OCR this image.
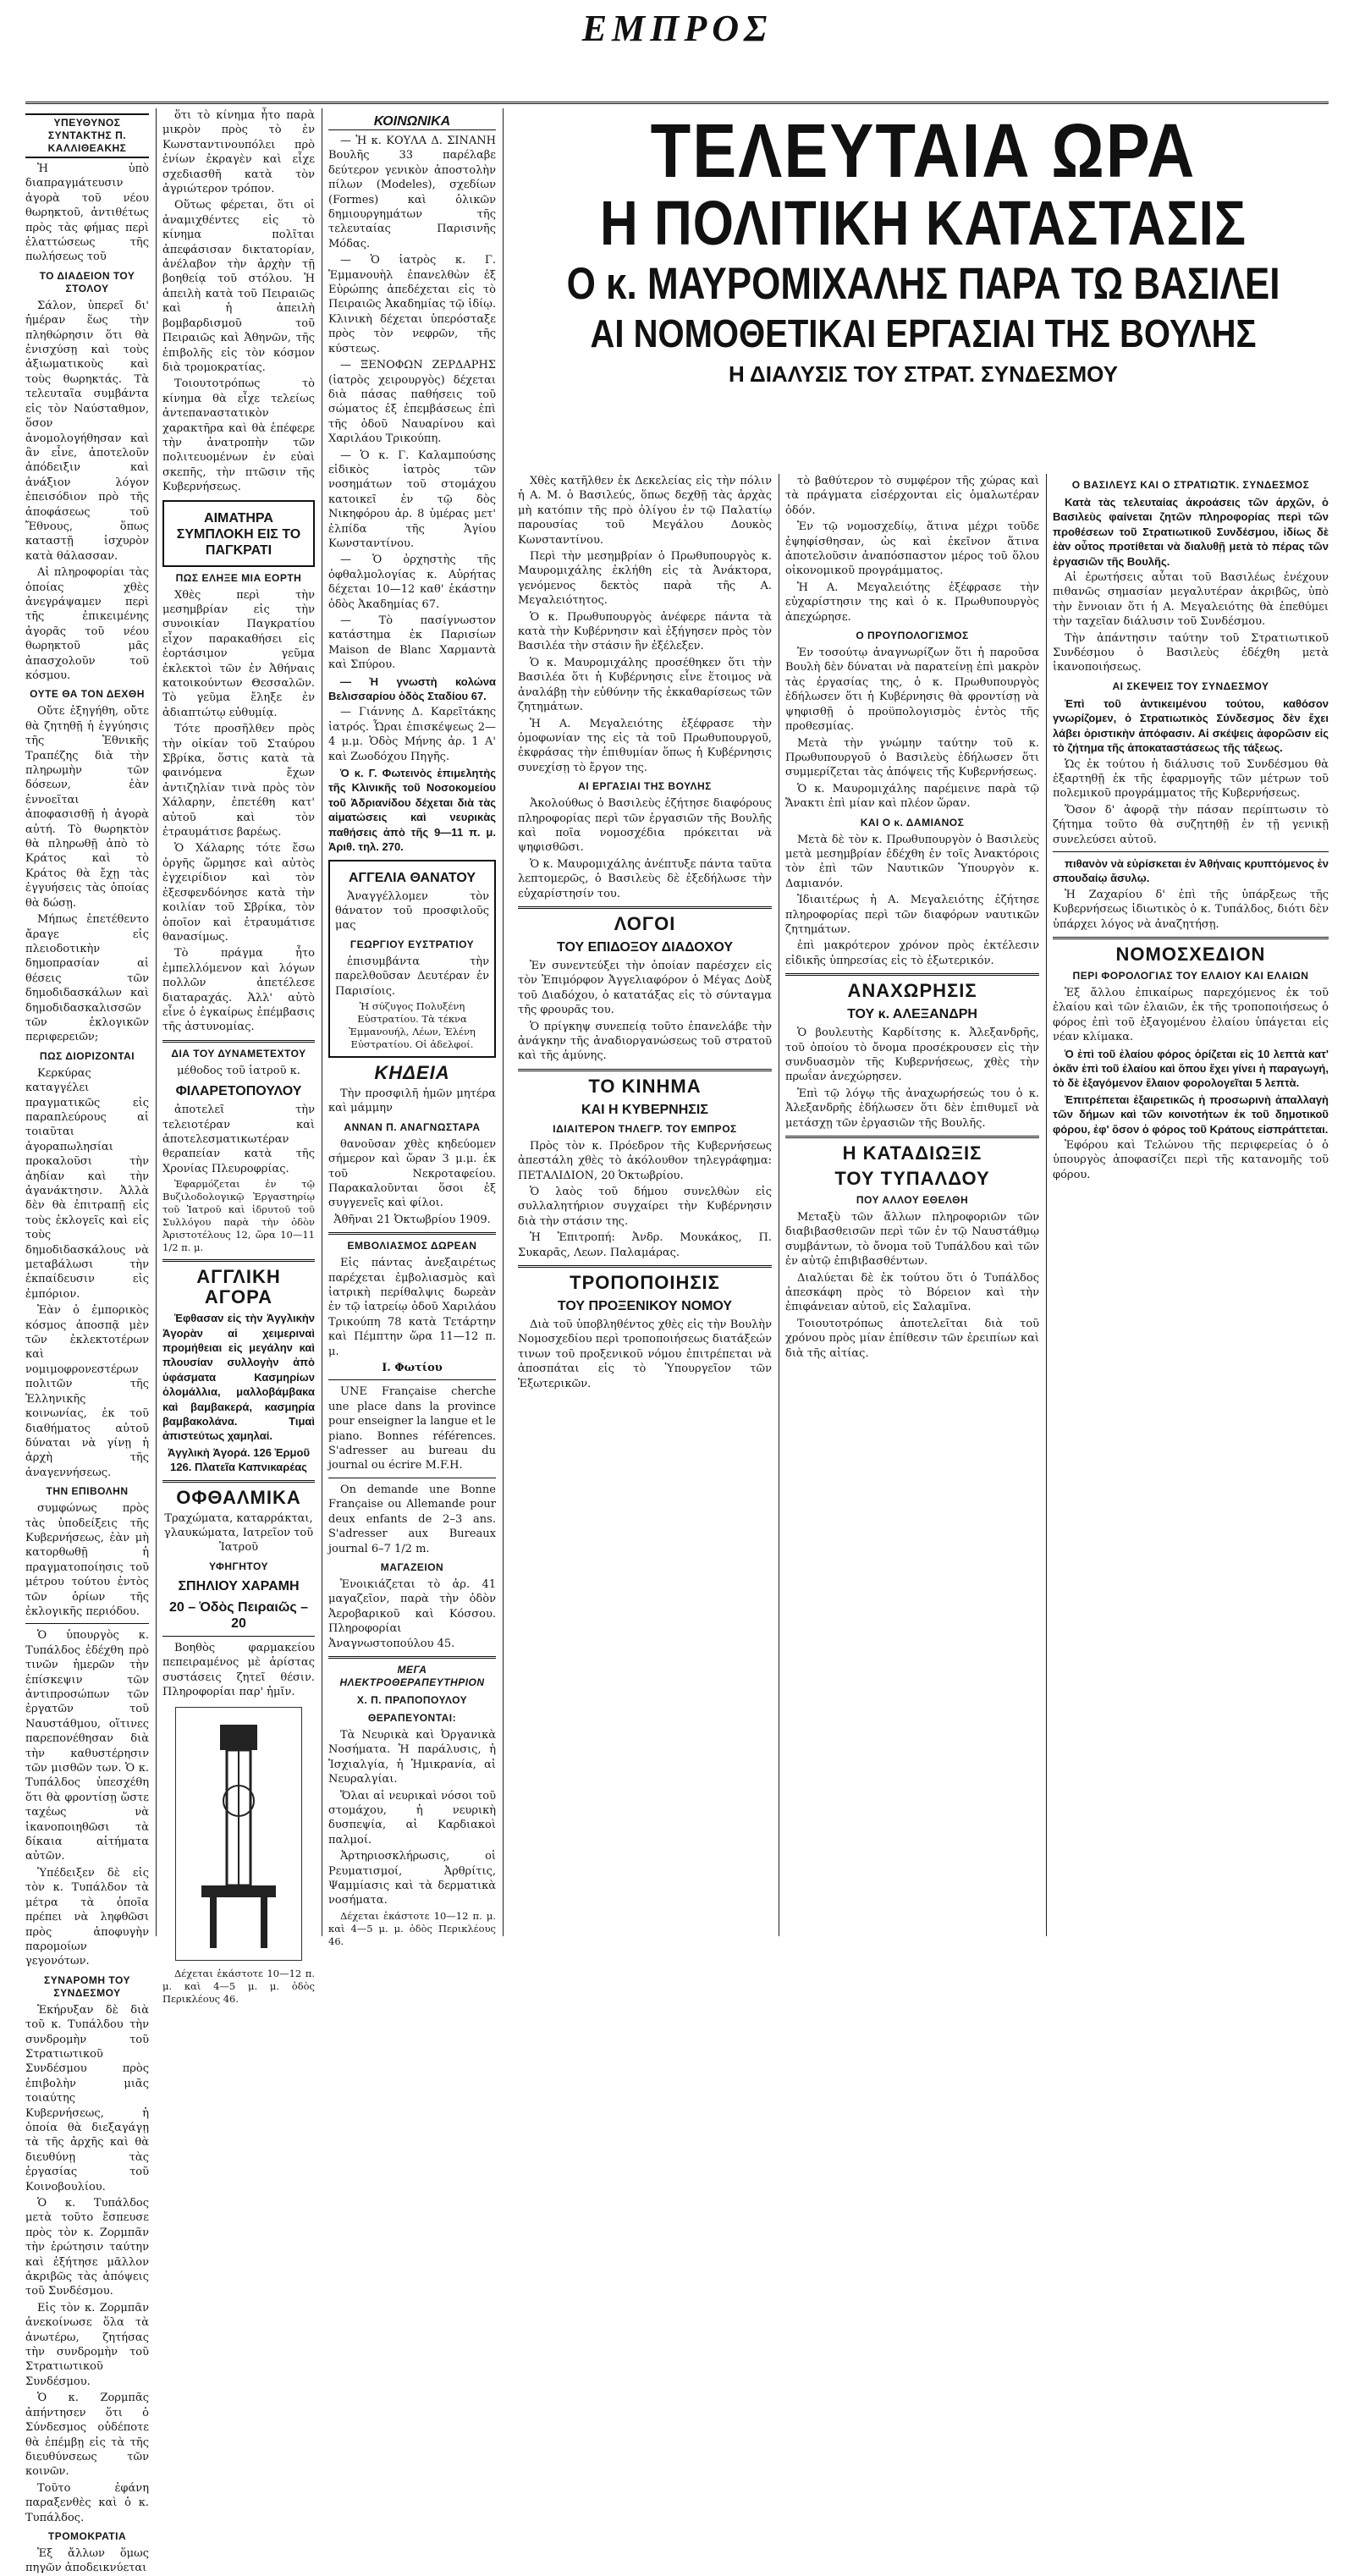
ΕΜΠΡΟΣ
ΥΠΕΥΘΥΝΟΣ ΣΥΝΤΑΚΤΗΣ Π. ΚΑΛΛΙΘΕΑΚΗΣ

Ἡ ὑπὸ διαπραγμάτευσιν ἀγορὰ τοῦ νέου θωρηκτοῦ, ἀντιθέτως πρὸς τὰς φήμας περὶ ἐλαττώσεως τῆς πωλήσεως τοῦ

ΤΟ ΔΙΑΔΕΙΟΝ ΤΟΥ ΣΤΟΛΟΥ

Σάλον, ὑπερεῖ δι' ἡμέραν ἕως τὴν πληθώρησιν ὅτι θὰ ἐνισχύσῃ καὶ τοὺς ἀξιωματικοὺς καὶ τοὺς θωρηκτάς. Τὰ τελευταῖα συμβάντα εἰς τὸν Ναύσταθμον, ὅσον ἀνομολογήθησαν καὶ ἂν εἶνε, ἀποτελοῦν ἀπόδειξιν καὶ ἀνάξιον λόγον ἐπεισόδιον πρὸ τῆς ἀποφάσεως τοῦ Ἔθνους, ὅπως καταστῇ ἰσχυρὸν κατὰ θάλασσαν.

Αἱ πληροφορίαι τὰς ὁποίας χθὲς ἀνεγράψαμεν περὶ τῆς ἐπικειμένης ἀγορᾶς τοῦ νέου θωρηκτοῦ μᾶς ἀπασχολοῦν τοῦ κόσμου.

ΟΥΤΕ ΘΑ ΤΟΝ ΔΕΧΘΗ

Οὔτε ἐξηγήθη, οὔτε θὰ ζητηθῇ ἡ ἐγγύησις τῆς Ἐθνικῆς Τραπέζης διὰ τὴν πληρωμὴν τῶν δόσεων, ἐὰν ἐννοεῖται ἀποφασισθῇ ἡ ἀγορὰ αὐτή. Τὸ θωρηκτὸν θὰ πληρωθῇ ἀπὸ τὸ Κράτος καὶ τὸ Κράτος θὰ ἔχῃ τὰς ἐγγυήσεις τὰς ὁποίας θὰ δώσῃ.

Μήπως ἐπετέθεντο ἄραγε εἰς πλειοδοτικὴν δημοπρασίαν αἱ θέσεις τῶν δημοδιδασκάλων καὶ δημοδιδασκαλισσῶν τῶν ἐκλογικῶν περιφερειῶν;

ΠΩΣ ΔΙΟΡΙΖΟΝΤΑΙ

Κερκύρας καταγγέλει πραγματικῶς εἰς παραπλεύρους αἱ τοιαῦται ἀγοραπωλησίαι προκαλοῦσι τὴν ἀηδίαν καὶ τὴν ἀγανάκτησιν. Ἀλλὰ δὲν θὰ ἐπιτραπῇ εἰς τοὺς ἐκλογεῖς καὶ εἰς τοὺς δημοδιδασκάλους νὰ μεταβάλωσι τὴν ἐκπαίδευσιν εἰς ἐμπόριον.

Ἐὰν ὁ ἐμπορικὸς κόσμος ἀποσπᾷ μὲν τῶν ἐκλεκτοτέρων καὶ νομιμοφρονεστέρων πολιτῶν τῆς Ἑλληνικῆς κοινωνίας, ἐκ τοῦ διαθήματος αὐτοῦ δύναται νὰ γίνῃ ἡ ἀρχὴ τῆς ἀναγεννήσεως.

ΤΗΝ ΕΠΙΒΟΛΗΝ

συμφώνως πρὸς τὰς ὑποδείξεις τῆς Κυβερνήσεως, ἐὰν μὴ κατορθωθῇ ἡ πραγματοποίησις τοῦ μέτρου τούτου ἐντὸς τῶν ὁρίων τῆς ἐκλογικῆς περιόδου.

Ὁ ὑπουργὸς κ. Τυπάλδος ἐδέχθη πρὸ τινῶν ἡμερῶν τὴν ἐπίσκεψιν τῶν ἀντιπροσώπων τῶν ἐργατῶν τοῦ Ναυστάθμου, οἵτινες παρεπονέθησαν διὰ τὴν καθυστέρησιν τῶν μισθῶν των. Ὁ κ. Τυπάλδος ὑπεσχέθη ὅτι θὰ φροντίσῃ ὥστε ταχέως νὰ ἱκανοποιηθῶσι τὰ δίκαια αἰτήματα αὐτῶν.

Ὑπέδειξεν δὲ εἰς τὸν κ. Τυπάλδον τὰ μέτρα τὰ ὁποῖα πρέπει νὰ ληφθῶσι πρὸς ἀποφυγὴν παρομοίων γεγονότων.

ΣΥΝΑΡΟΜΗ ΤΟΥ ΣΥΝΔΕΣΜΟΥ

Ἐκήρυξαν δὲ διὰ τοῦ κ. Τυπάλδου τὴν συνδρομὴν τοῦ Στρατιωτικοῦ Συνδέσμου πρὸς ἐπιβολὴν μιᾶς τοιαύτης Κυβερνήσεως, ἡ ὁποία θὰ διεξαγάγῃ τὰ τῆς ἀρχῆς καὶ θὰ διευθύνῃ τὰς ἐργασίας τοῦ Κοινοβουλίου.

Ὁ κ. Τυπάλδος μετὰ τοῦτο ἔσπευσε πρὸς τὸν κ. Ζορμπᾶν τὴν ἐρώτησιν ταύτην καὶ ἐξήτησε μᾶλλον ἀκριβῶς τὰς ἀπόψεις τοῦ Συνδέσμου.

Εἰς τὸν κ. Ζορμπᾶν ἀνεκοίνωσε ὅλα τὰ ἀνωτέρω, ζητήσας τὴν συνδρομὴν τοῦ Στρατιωτικοῦ Συνδέσμου.

Ὁ κ. Ζορμπᾶς ἀπήντησεν ὅτι ὁ Σύνδεσμος οὐδέποτε θὰ ἐπέμβῃ εἰς τὰ τῆς διευθύνσεως τῶν κοινῶν.

Τοῦτο ἐφάνη παραξενθὲς καὶ ὁ κ. Τυπάλδος.

ΤΡΟΜΟΚΡΑΤΙΑ

Ἐξ ἄλλων ὅμως πηγῶν ἀποδεικνύεται

ὅτι τὸ κίνημα ἦτο παρὰ μικρὸν πρὸς τὸ ἐν Κωνσταντινουπόλει πρὸ ἐνίων ἐκραγὲν καὶ εἶχε σχεδιασθῆ κατὰ τὸν ἀγριώτερον τρόπον.

Οὕτως φέρεται, ὅτι οἱ ἀναμιχθέντες εἰς τὸ κίνημα πολῖται ἀπεφάσισαν δικτατορίαν, ἀνέλαβον τὴν ἀρχὴν τῇ βοηθείᾳ τοῦ στόλου. Ἡ ἀπειλὴ κατὰ τοῦ Πειραιῶς καὶ ἡ ἀπειλὴ βομβαρδισμοῦ τοῦ Πειραιῶς καὶ Ἀθηνῶν, τῆς ἐπιβολῆς εἰς τὸν κόσμον διὰ τρομοκρατίας.

Τοιουτοτρόπως τὸ κίνημα θὰ εἶχε τελείως ἀντεπαναστατικὸν χαρακτῆρα καὶ θὰ ἐπέφερε τὴν ἀνατροπὴν τῶν πολιτευομένων ἐν εὐαὶ σκεπῆς, τὴν πτῶσιν τῆς Κυβερνήσεως.

ΑΙΜΑΤΗΡΑ ΣΥΜΠΛΟΚΗ ΕΙΣ ΤΟ ΠΑΓΚΡΑΤΙ
ΠΩΣ ΕΛΗΞΕ ΜΙΑ ΕΟΡΤΗ

Χθὲς περὶ τὴν μεσημβρίαν εἰς τὴν συνοικίαν Παγκρατίου εἶχον παρακαθήσει εἰς ἐορτάσιμον γεῦμα ἐκλεκτοὶ τῶν ἐν Ἀθήναις κατοικούντων Θεσσαλῶν. Τὸ γεῦμα ἔληξε ἐν ἀδιαπτώτῳ εὐθυμίᾳ.

Τότε προσῆλθεν πρὸς τὴν οἰκίαν τοῦ Σταύρου Σβρίκα, ὅστις κατὰ τὰ φαινόμενα ἔχων ἀντιζηλίαν τινὰ πρὸς τὸν Χάλαρην, ἐπετέθη κατ' αὐτοῦ καὶ τὸν ἐτραυμάτισε βαρέως.

Ὁ Χάλαρης τότε ἔσω ὀργῆς ὥρμησε καὶ αὐτὸς ἐγχειρίδιον καὶ τὸν ἐξεσφενδόνησε κατὰ τὴν κοιλίαν τοῦ Σβρίκα, τὸν ὁποῖον καὶ ἐτραυμάτισε θανασίμως.

Τὸ πράγμα ἦτο ἐμπελλόμενον καὶ λόγων πολλῶν ἀπετέλεσε διαταραχάς. Ἀλλ' αὐτὸ εἶνε ὁ ἐγκαίρως ἐπέμβασις τῆς ἀστυνομίας.

ΔΙΑ ΤΟΥ ΔΥΝΑΜΕΤΕΧΤΟΥ

μέθοδος τοῦ ἰατροῦ κ.

ΦΙΛΑΡΕΤΟΠΟΥΛΟΥ

ἀποτελεῖ τὴν τελειοτέραν καὶ ἀποτελεσματικωτέραν θεραπείαν κατὰ τῆς Χρονίας Πλευροφρίας.

Ἐφαρμόζεται ἐν τῷ Βυζιλοδολογικῷ Ἐργαστηρίῳ τοῦ Ἰατροῦ καὶ ἰδρυτοῦ τοῦ Συλλόγου παρὰ τὴν ὁδὸν Ἀριστοτέλους 12, ὥρα 10—11 1/2 π. μ.

ΑΓΓΛΙΚΗ ΑΓΟΡΑ

Ἐφθασαν εἰς τὴν Ἀγγλικὴν Ἀγορὰν αἱ χειμεριναὶ προμήθειαι εἰς μεγάλην καὶ πλουσίαν συλλογὴν ἀπὸ ὑφάσματα Κασμηρίων ὁλομάλλια, μαλλοβάμβακα καὶ βαμβακερά, κασμηρία βαμβακολάνα. Τιμαὶ ἀπιστεύτως χαμηλαί.

Ἀγγλικὴ Ἀγορά. 126 Ἑρμοῦ 126. Πλατεῖα Καπνικαρέας

ΟΦΘΑΛΜΙΚΑ

Τραχώματα, καταρράκται, γλαυκώματα, Ιατρεῖον τοῦ Ἰατροῦ

ΥΦΗΓΗΤΟΥ
ΣΠΗΛΙΟΥ ΧΑΡΑΜΗ
20 – Ὁδὸς Πειραιῶς – 20

Βοηθὸς φαρμακείου πεπειραμένος μὲ ἀρίστας συστάσεις ζητεῖ θέσιν. Πληροφορίαι παρ' ἡμῖν.

Δέχεται ἑκάστοτε 10—12 π. μ. καὶ 4—5 μ. μ. ὁδὸς Περικλέους 46.

ΚΟΙΝΩΝΙΚΑ

— Ἡ κ. ΚΟΥΛΑ Δ. ΣΙΝΑΝΗ Βουλῆς 33 παρέλαβε δεύτερον γενικὸν ἀποστολὴν πίλων (Modeles), σχεδίων (Formes) καὶ ὁλικῶν δημιουργημάτων τῆς τελευταίας Παρισινῆς Μόδας.

— Ὁ ἰατρὸς κ. Γ. Ἐμμανουὴλ ἐπανελθὼν ἐξ Εὐρώπης ἀπεδέχεται εἰς τὸ Πειραιῶς Ἀκαδημίας τῷ ἰδίῳ. Κλινικὴ δέχεται ὑπερόσταξε πρὸς τὸν νεφρῶν, τῆς κύστεως.

— ΞΕΝΟΦΩΝ ΖΕΡΔΑΡΗΣ (ἰατρὸς χειρουργὸς) δέχεται διὰ πάσας παθήσεις τοῦ σώματος ἐξ ἐπεμβάσεως ἐπὶ τῆς ὁδοῦ Ναυαρίνου καὶ Χαριλάου Τρικούπη.

— Ὁ κ. Γ. Καλαμπούσης εἰδικὸς ἰατρὸς τῶν νοσημάτων τοῦ στομάχου κατοικεῖ ἐν τῷ δὸς Νικηφόρου ἀρ. 8 ὑμέρας μετ' ἐλπίδα τῆς Ἁγίου Κωνσταντίνου.

— Ὁ ὀρχηστὴς τῆς ὀφθαλμολογίας κ. Αὐρήτας δέχεται 10—12 καθ' ἑκάστην ὁδὸς Ἀκαδημίας 67.

— Τὸ πασίγνωστον κατάστημα ἐκ Παρισίων Maison de Blanc Χαρμαντὰ καὶ Σπύρου.

— Ἡ γνωστὴ κολώνα Βελισσαρίου ὁδὸς Σταδίου 67.

— Γιάννης Δ. Καρεῖτάκης ἰατρός. Ὧραι ἐπισκέψεως 2—4 μ.μ. Ὁδὸς Μήνης ἀρ. 1 Α' καὶ Ζωοδόχου Πηγῆς.

Ὁ κ. Γ. Φωτεινὸς ἐπιμελητὴς τῆς Κλινικῆς τοῦ Νοσοκομείου τοῦ Ἀδριανίδου δέχεται διὰ τὰς αἱματώσεις καὶ νευρικὰς παθήσεις ἀπὸ τῆς 9—11 π. μ. Ἀριθ. τηλ. 270.

ΑΓΓΕΛΙΑ ΘΑΝΑΤΟΥ

Ἀναγγέλλομεν τὸν θάνατον τοῦ προσφιλοῦς μας

ΓΕΩΡΓΙΟΥ ΕΥΣΤΡΑΤΙΟΥ

ἐπισυμβάντα τὴν παρελθοῦσαν Δευτέραν ἐν Παρισίοις.

Ἡ σύζυγος Πολυξένη Εὐστρατίου. Τὰ τέκνα Ἐμμανουήλ, Λέων, Ἑλένη Εὐστρατίου. Οἱ ἀδελφοί.

ΚΗΔΕΙΑ

Τὴν προσφιλῆ ἡμῶν μητέρα καὶ μάμμην

ΑΝΝΑΝ Π. ΑΝΑΓΝΩΣΤΑΡΑ

θανοῦσαν χθὲς κηδεύομεν σήμερον καὶ ὥραν 3 μ.μ. ἐκ τοῦ Νεκροταφείου. Παρακαλοῦνται ὅσοι ἐξ συγγενεῖς καὶ φίλοι.

Ἀθῆναι 21 Ὀκτωβρίου 1909.

ΕΜΒΟΛΙΑΣΜΟΣ ΔΩΡΕΑΝ

Εἰς πάντας ἀνεξαιρέτως παρέχεται ἐμβολιασμὸς καὶ ἰατρικὴ περίθαλψις δωρεὰν ἐν τῷ ἰατρείῳ ὁδοῦ Χαριλάου Τρικούπη 78 κατὰ Τετάρτην καὶ Πέμπτην ὥρα 11—12 π. μ.

Ι. Φωτίου

UNE Française cherche une place dans la province pour enseigner la langue et le piano. Bonnes références. S'adresser au bureau du journal ou écrire M.F.H.

On demande une Bonne Française ou Allemande pour deux enfants de 2–3 ans. S'adresser aux Bureaux journal 6–7 1/2 m.

ΜΑΓΑΖΕΙΟΝ

Ἐνοικιάζεται τὸ ἀρ. 41 μαγαζεῖον, παρὰ τὴν ὁδὸν Ἀεροβαρικοῦ καὶ Κόσσου. Πληροφορίαι Ἀναγνωστοπούλου 45.

ΜΕΓΑ ΗΛΕΚΤΡΟΘΕΡΑΠΕΥΤΗΡΙΟΝ
Χ. Π. ΠΡΑΠΟΠΟΥΛΟΥ
ΘΕΡΑΠΕΥΟΝΤΑΙ:

Τὰ Νευρικὰ καὶ Ὀργανικὰ Νοσήματα. Ἡ παράλυσις, ἡ Ἰσχιαλγία, ἡ Ἡμικρανία, αἱ Νευραλγίαι.

Ὅλαι αἱ νευρικαὶ νόσοι τοῦ στομάχου, ἡ νευρικὴ δυσπεψία, αἱ Καρδιακοὶ παλμοί.

Ἀρτηριοσκλήρωσις, οἱ Ρευματισμοί, Ἀρθρίτις, Ψαμμίασις καὶ τὰ δερματικὰ νοσήματα.

Δέχεται ἑκάστοτε 10—12 π. μ. καὶ 4—5 μ. μ. ὁδὸς Περικλέους 46.

ΤΕΛΕΥΤΑΙΑ ΩΡΑ
Η ΠΟΛΙΤΙΚΗ ΚΑΤΑΣΤΑΣΙΣ
Ο κ. ΜΑΥΡΟΜΙΧΑΛΗΣ ΠΑΡΑ ΤΩ ΒΑΣΙΛΕΙ
ΑΙ ΝΟΜΟΘΕΤΙΚΑΙ ΕΡΓΑΣΙΑΙ ΤΗΣ ΒΟΥΛΗΣ
Η ΔΙΑΛΥΣΙΣ ΤΟΥ ΣΤΡΑΤ. ΣΥΝΔΕΣΜΟΥ

Χθὲς κατῆλθεν ἐκ Δεκελείας εἰς τὴν πόλιν ἡ Α. Μ. ὁ Βασιλεύς, ὅπως δεχθῇ τὰς ἀρχὰς μὴ κατόπιν τῆς πρὸ ὀλίγου ἐν τῷ Παλατίῳ παρουσίας τοῦ Μεγάλου Δουκὸς Κωνσταντίνου.

Περὶ τὴν μεσημβρίαν ὁ Πρωθυπουργὸς κ. Μαυρομιχάλης ἐκλήθη εἰς τὰ Ἀνάκτορα, γενόμενος δεκτὸς παρὰ τῆς Α. Μεγαλειότητος.

Ὁ κ. Πρωθυπουργὸς ἀνέφερε πάντα τὰ κατὰ τὴν Κυβέρνησιν καὶ ἐξήγησεν πρὸς τὸν Βασιλέα τὴν στάσιν ἣν ἐξέλεξεν.

Ὁ κ. Μαυρομιχάλης προσέθηκεν ὅτι τὴν Βασιλέα ὅτι ἡ Κυβέρνησις εἶνε ἕτοιμος νὰ ἀναλάβῃ τὴν εὐθύνην τῆς ἐκκαθαρίσεως τῶν ζητημάτων.

Ἡ Α. Μεγαλειότης ἐξέφρασε τὴν ὁμοφωνίαν της εἰς τὰ τοῦ Πρωθυπουργοῦ, ἐκφράσας τὴν ἐπιθυμίαν ὅπως ἡ Κυβέρνησις συνεχίσῃ τὸ ἔργον της.

ΑΙ ΕΡΓΑΣΙΑΙ ΤΗΣ ΒΟΥΛΗΣ

Ἀκολούθως ὁ Βασιλεὺς ἐζήτησε διαφόρους πληροφορίας περὶ τῶν ἐργασιῶν τῆς Βουλῆς καὶ ποῖα νομοσχέδια πρόκειται νὰ ψηφισθῶσι.

Ὁ κ. Μαυρομιχάλης ἀνέπτυξε πάντα ταῦτα λεπτομερῶς, ὁ Βασιλεὺς δὲ ἐξεδήλωσε τὴν εὐχαρίστησίν του.

ΛΟΓΟΙ
ΤΟΥ ΕΠΙΔΟΞΟΥ ΔΙΑΔΟΧΟΥ

Ἐν συνεντεύξει τὴν ὁποίαν παρέσχεν εἰς τὸν Ἐπιμόρφον Ἀγγελιαφόρον ὁ Μέγας Δοὺξ τοῦ Διαδόχου, ὁ κατατάξας εἰς τὸ σύνταγμα τῆς φρουρᾶς του.

Ὁ πρίγκηψ συνεπείᾳ τοῦτο ἐπανελάβε τὴν ἀνάγκην τῆς ἀναδιοργανώσεως τοῦ στρατοῦ καὶ τῆς ἀμύνης.

ΤΟ ΚΙΝΗΜΑ
ΚΑΙ Η ΚΥΒΕΡΝΗΣΙΣ
ΙΔΙΑΙΤΕΡΟΝ ΤΗΛΕΓΡ. ΤΟΥ ΕΜΠΡΟΣ

Πρὸς τὸν κ. Πρόεδρον τῆς Κυβερνήσεως ἀπεστάλη χθὲς τὸ ἀκόλουθον τηλεγράφημα: ΠΕΤΑΛΙΔΙΟΝ, 20 Ὀκτωβρίου.

Ὁ λαὸς τοῦ δήμου συνελθὼν εἰς συλλαλητήριον συγχαίρει τὴν Κυβέρνησιν διὰ τὴν στάσιν της.

Ἡ Ἐπιτροπή: Ἀνδρ. Μουκάκος, Π. Συκαρᾶς, Λεων. Παλαμάρας.

ΤΡΟΠΟΠΟΙΗΣΙΣ
ΤΟΥ ΠΡΟΞΕΝΙΚΟΥ ΝΟΜΟΥ

Διὰ τοῦ ὑποβληθέντος χθὲς εἰς τὴν Βουλὴν Νομοσχεδίου περὶ τροποποιήσεως διατάξεών τινων τοῦ προξενικοῦ νόμου ἐπιτρέπεται νὰ ἀποσπάται εἰς τὸ Ὑπουργεῖον τῶν Ἐξωτερικῶν.

τὸ βαθύτερον τὸ συμφέρον τῆς χώρας καὶ τὰ πράγματα εἰσέρχονται εἰς ὁμαλωτέραν ὁδόν.

Ἐν τῷ νομοσχεδίῳ, ἅτινα μέχρι τοῦδε ἐψηφίσθησαν, ὡς καὶ ἐκεῖνον ἅτινα ἀποτελοῦσιν ἀναπόσπαστον μέρος τοῦ ὅλου οἰκονομικοῦ προγράμματος.

Ἡ Α. Μεγαλειότης ἐξέφρασε τὴν εὐχαρίστησιν της καὶ ὁ κ. Πρωθυπουργὸς ἀπεχώρησε.

Ο ΠΡΟΥΠΟΛΟΓΙΣΜΟΣ

Ἐν τοσούτῳ ἀναγνωρίζων ὅτι ἡ παροῦσα Βουλὴ δὲν δύναται νὰ παρατείνῃ ἐπὶ μακρὸν τὰς ἐργασίας της, ὁ κ. Πρωθυπουργὸς ἐδήλωσεν ὅτι ἡ Κυβέρνησις θὰ φροντίσῃ νὰ ψηφισθῇ ὁ προϋπολογισμὸς ἐντὸς τῆς προθεσμίας.

Μετὰ τὴν γνώμην ταύτην τοῦ κ. Πρωθυπουργοῦ ὁ Βασιλεὺς ἐδήλωσεν ὅτι συμμερίζεται τὰς ἀπόψεις τῆς Κυβερνήσεως.

Ὁ κ. Μαυρομιχάλης παρέμεινε παρὰ τῷ Ἄνακτι ἐπὶ μίαν καὶ πλέον ὥραν.

ΚΑΙ Ο κ. ΔΑΜΙΑΝΟΣ

Μετὰ δὲ τὸν κ. Πρωθυπουργὸν ὁ Βασιλεὺς μετὰ μεσημβρίαν ἐδέχθη ἐν τοῖς Ἀνακτόροις τὸν ἐπὶ τῶν Ναυτικῶν Ὑπουργὸν κ. Δαμιανόν.

Ἰδιαιτέρως ἡ Α. Μεγαλειότης ἐζήτησε πληροφορίας περὶ τῶν διαφόρων ναυτικῶν ζητημάτων.

ἐπὶ μακρότερον χρόνον πρὸς ἐκτέλεσιν εἰδικῆς ὑπηρεσίας εἰς τὸ ἐξωτερικόν.

ΑΝΑΧΩΡΗΣΙΣ
ΤΟΥ κ. ΑΛΕΞΑΝΔΡΗ

Ὁ βουλευτὴς Καρδίτσης κ. Ἀλεξανδρῆς, τοῦ ὁποίου τὸ ὄνομα προσέκρουσεν εἰς τὴν συνδυασμὸν τῆς Κυβερνήσεως, χθὲς τὴν πρωΐαν ἀνεχώρησεν.

Ἐπὶ τῷ λόγῳ τῆς ἀναχωρήσεώς του ὁ κ. Ἀλεξανδρῆς ἐδήλωσεν ὅτι δὲν ἐπιθυμεῖ νὰ μετάσχῃ τῶν ἐργασιῶν τῆς Βουλῆς.

Η ΚΑΤΑΔΙΩΞΙΣ
ΤΟΥ ΤΥΠΑΛΔΟΥ
ΠΟΥ ΑΛΛΟΥ ΕΘΕΛΘΗ

Μεταξὺ τῶν ἄλλων πληροφοριῶν τῶν διαβιβασθεισῶν περὶ τῶν ἐν τῷ Ναυστάθμῳ συμβάντων, τὸ ὄνομα τοῦ Τυπάλδου καὶ τῶν ἐν αὐτῷ ἐπιβιβασθέντων.

Διαλύεται δὲ ἐκ τούτου ὅτι ὁ Τυπάλδος ἀπεσκάφη πρὸς τὸ Βόρειον καὶ τὴν ἐπιφάνειαν αὐτοῦ, εἰς Σαλαμῖνα.

Τοιουτοτρόπως ἀποτελεῖται διὰ τοῦ χρόνου πρὸς μίαν ἐπίθεσιν τῶν ἐρειπίων καὶ διὰ τῆς αἰτίας.

Ο ΒΑΣΙΛΕΥΣ ΚΑΙ Ο ΣΤΡΑΤΙΩΤΙΚ. ΣΥΝΔΕΣΜΟΣ

Κατὰ τὰς τελευταίας ἀκροάσεις τῶν ἀρχῶν, ὁ Βασιλεὺς φαίνεται ζητῶν πληροφορίας περὶ τῶν προθέσεων τοῦ Στρατιωτικοῦ Συνδέσμου, ἰδίως δὲ ἐὰν οὗτος προτίθεται νὰ διαλυθῇ μετὰ τὸ πέρας τῶν ἐργασιῶν τῆς Βουλῆς.

Αἱ ἐρωτήσεις αὗται τοῦ Βασιλέως ἐνέχουν πιθανῶς σημασίαν μεγαλυτέραν ἀκριβῶς, ὑπὸ τὴν ἔννοιαν ὅτι ἡ Α. Μεγαλειότης θὰ ἐπεθύμει τὴν ταχεῖαν διάλυσιν τοῦ Συνδέσμου.

Τὴν ἀπάντησιν ταύτην τοῦ Στρατιωτικοῦ Συνδέσμου ὁ Βασιλεὺς ἐδέχθη μετὰ ἱκανοποιήσεως.

ΑΙ ΣΚΕΨΕΙΣ ΤΟΥ ΣΥΝΔΕΣΜΟΥ

Ἐπὶ τοῦ ἀντικειμένου τούτου, καθόσον γνωρίζομεν, ὁ Στρατιωτικὸς Σύνδεσμος δὲν ἔχει λάβει ὁριστικὴν ἀπόφασιν. Αἱ σκέψεις ἀφορῶσιν εἰς τὸ ζήτημα τῆς ἀποκαταστάσεως τῆς τάξεως.

Ὡς ἐκ τούτου ἡ διάλυσις τοῦ Συνδέσμου θὰ ἐξαρτηθῇ ἐκ τῆς ἐφαρμογῆς τῶν μέτρων τοῦ πολεμικοῦ προγράμματος τῆς Κυβερνήσεως.

Ὅσον δ' ἀφορᾷ τὴν πάσαν περίπτωσιν τὸ ζήτημα τοῦτο θὰ συζητηθῇ ἐν τῇ γενικῇ συνελεύσει αὐτοῦ.

πιθανὸν νὰ εὑρίσκεται ἐν Ἀθήναις κρυπτόμενος ἐν σπουδαίῳ ἄσυλῳ.

Ἡ Ζαχαρίου δ' ἐπὶ τῆς ὑπάρξεως τῆς Κυβερνήσεως ἰδιωτικὸς ὁ κ. Τυπάλδος, διότι δὲν ὑπάρχει λόγος νὰ ἀναζητήσῃ.

ΝΟΜΟΣΧΕΔΙΟΝ
ΠΕΡΙ ΦΟΡΟΛΟΓΙΑΣ ΤΟΥ ΕΛΑΙΟΥ ΚΑΙ ΕΛΑΙΩΝ

Ἐξ ἄλλου ἐπικαίρως παρεχόμενος ἐκ τοῦ ἐλαίου καὶ τῶν ἐλαιῶν, ἐκ τῆς τροποποιήσεως ὁ φόρος ἐπὶ τοῦ ἐξαγομένου ἐλαίου ὑπάγεται εἰς νέαν κλίμακα.

Ὁ ἐπὶ τοῦ ἐλαίου φόρος ὁρίζεται εἰς 10 λεπτὰ κατ' ὀκᾶν ἐπὶ τοῦ ἐλαίου καὶ ὅπου ἔχει γίνει ἡ παραγωγή, τὸ δὲ ἐξαγόμενον ἔλαιον φορολογεῖται 5 λεπτὰ.

Ἐπιτρέπεται ἐξαιρετικῶς ἡ προσωρινὴ ἀπαλλαγὴ τῶν δήμων καὶ τῶν κοινοτήτων ἐκ τοῦ δημοτικοῦ φόρου, ἐφ' ὅσον ὁ φόρος τοῦ Κράτους εἰσπράττεται.

Ἐφόρου καὶ Τελώνου τῆς περιφερείας ὁ ὁ ὑπουργὸς ἀποφασίζει περὶ τῆς κατανομῆς τοῦ φόρου.
